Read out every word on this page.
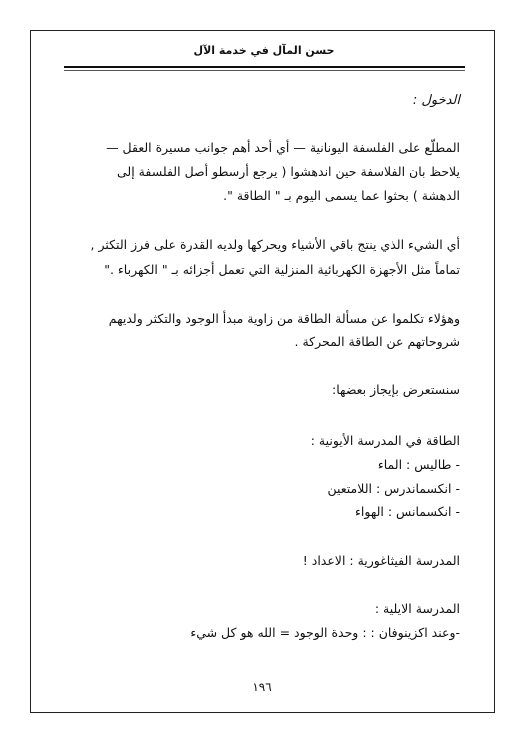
حسن المآل في خدمة الآل
الدخول :
المطلّع على الفلسفة اليونانية — أي أحد أهم جوانب مسيرة العقل —
يلاحظ بان الفلاسفة حين اندهشوا ( يرجع أرسطو أصل الفلسفة إلى
الدهشة ) بحثوا عما يسمى اليوم بـ " الطاقة ".
أي الشيء الذي ينتج باقي الأشياء ويحركها ولديه القدرة على فرز التكثر ,
تماماً مثل الأجهزة الكهربائية المنزلية التي تعمل أجزائه بـ " الكهرباء ."
وهؤلاء تكلموا عن مسألة الطاقة من زاوية مبدأ الوجود والتكثر ولديهم
شروحاتهم عن الطاقة المحركة .
سنستعرض بإيجاز بعضها:
الطاقة في المدرسة الأيونية :
- طاليس : الماء
- انكسماندرس : اللامتعين
- انكسمانس : الهواء
المدرسة الفيثاغورية : الاعداد !
المدرسة الايلية :
-وعند اكزينوفان : : وحدة الوجود = الله هو كل شيء
١٩٦
